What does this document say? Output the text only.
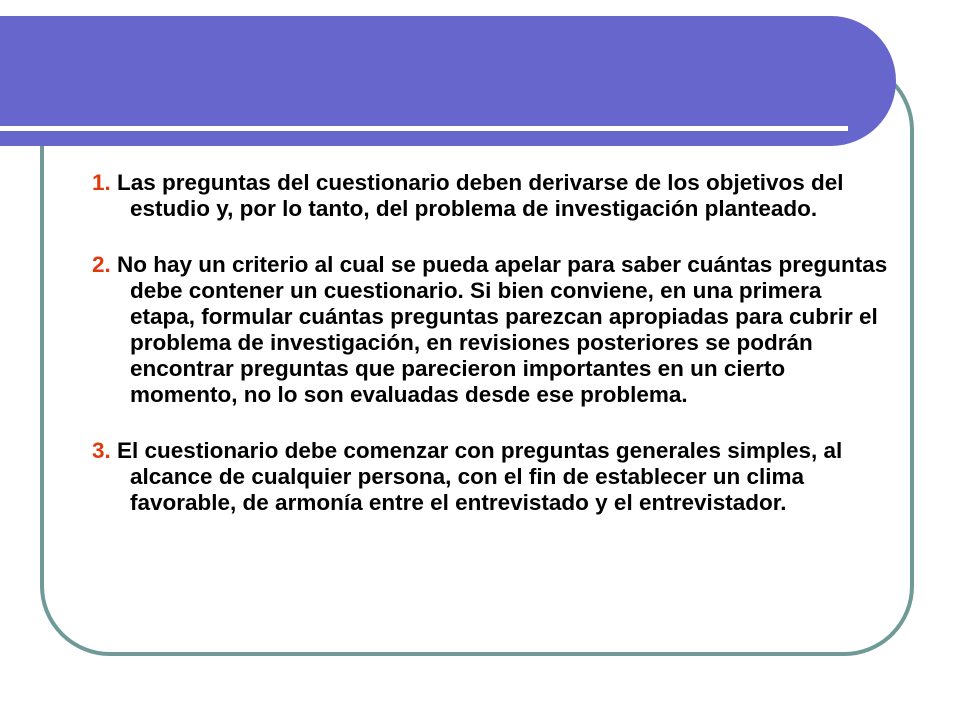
1. Las preguntas del cuestionario deben derivarse de los objetivos del estudio y, por lo tanto, del problema de investigación planteado.
2. No hay un criterio al cual se pueda apelar para saber cuántas preguntas debe contener un cuestionario. Si bien conviene, en una primera etapa, formular cuántas preguntas parezcan apropiadas para cubrir el problema de investigación, en revisiones posteriores se podrán encontrar preguntas que parecieron importantes en un cierto momento, no lo son evaluadas desde ese problema.
3. El cuestionario debe comenzar con preguntas generales simples, al alcance de cualquier persona, con el fin de establecer un clima favorable, de armonía entre el entrevistado y el entrevistador.
